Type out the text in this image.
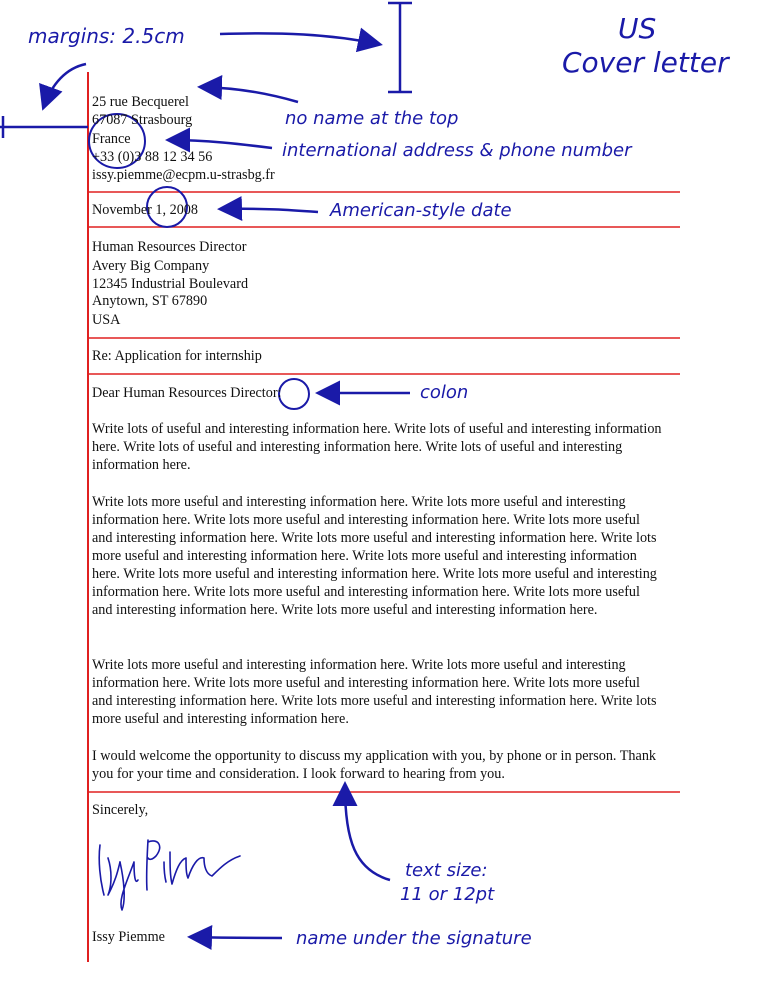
US
Cover letter
margins: 2.5cm
no name at the top
international address & phone number
American-style date
colon
text size:
11 or 12pt
name under the signature
25 rue Becquerel
67087 Strasbourg
France
+33 (0)3 88 12 34 56
issy.piemme@ecpm.u-strasbg.fr
November 1, 2008
Human Resources Director
Avery Big Company
12345 Industrial Boulevard
Anytown, ST 67890
USA
Re: Application for internship
Dear Human Resources Director:
Write lots of useful and interesting information here. Write lots of useful and interesting information here. Write lots of useful and interesting information here. Write lots of useful and interesting information here.
Write lots more useful and interesting information here. Write lots more useful and interesting information here. Write lots more useful and interesting information here. Write lots more useful and interesting information here. Write lots more useful and interesting information here. Write lots more useful and interesting information here. Write lots more useful and interesting information here. Write lots more useful and interesting information here. Write lots more useful and interesting information here. Write lots more useful and interesting information here. Write lots more useful and interesting information here. Write lots more useful and interesting information here.
Write lots more useful and interesting information here. Write lots more useful and interesting information here. Write lots more useful and interesting information here. Write lots more useful and interesting information here. Write lots more useful and interesting information here. Write lots more useful and interesting information here.
I would welcome the opportunity to discuss my application with you, by phone or in person. Thank you for your time and consideration. I look forward to hearing from you.
Sincerely,
Issy Piemme
